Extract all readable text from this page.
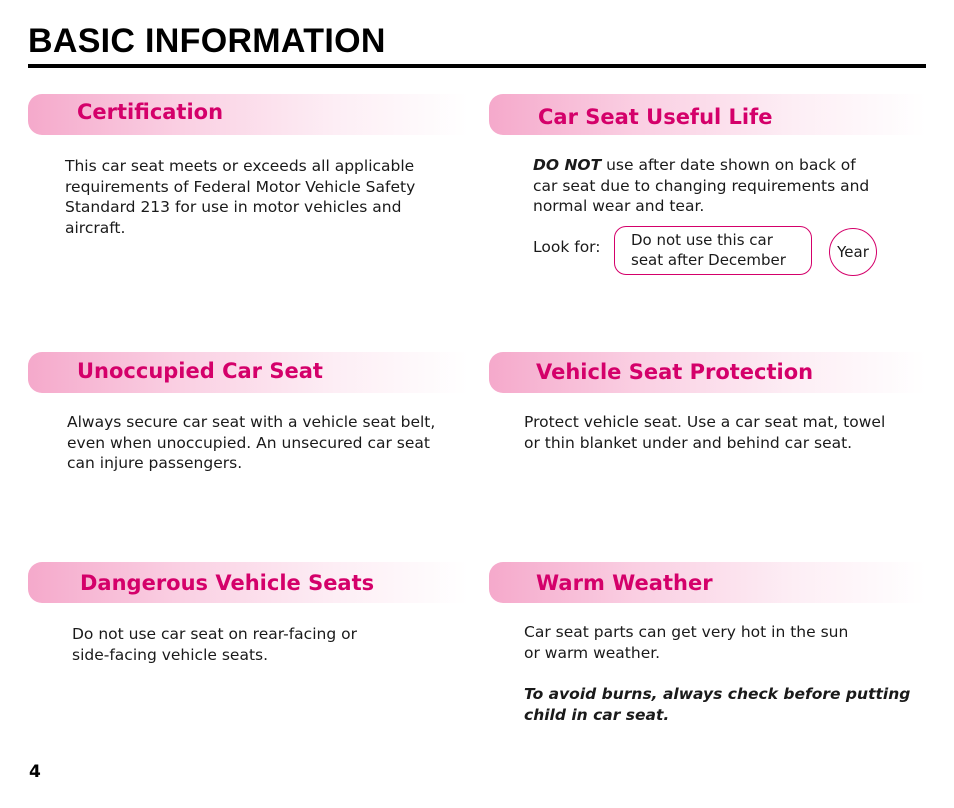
BASIC INFORMATION
Certification
This car seat meets or exceeds all applicable
requirements of Federal Motor Vehicle Safety
Standard 213 for use in motor vehicles and
aircraft.
Car Seat Useful Life
DO NOT use after date shown on back of
car seat due to changing requirements and
normal wear and tear.
Look for: Do not use this car
seat after December	Year
Unoccupied Car Seat
Always secure car seat with a vehicle seat belt,
even when unoccupied. An unsecured car seat
can injure passengers.
Vehicle Seat Protection
Protect vehicle seat. Use a car seat mat, towel
or thin blanket under and behind car seat.
Dangerous Vehicle Seats
Do not use car seat on rear-facing or
side-facing vehicle seats.
Warm Weather
Car seat parts can get very hot in the sun
or warm weather.
To avoid burns, always check before putting
child in car seat.
4
